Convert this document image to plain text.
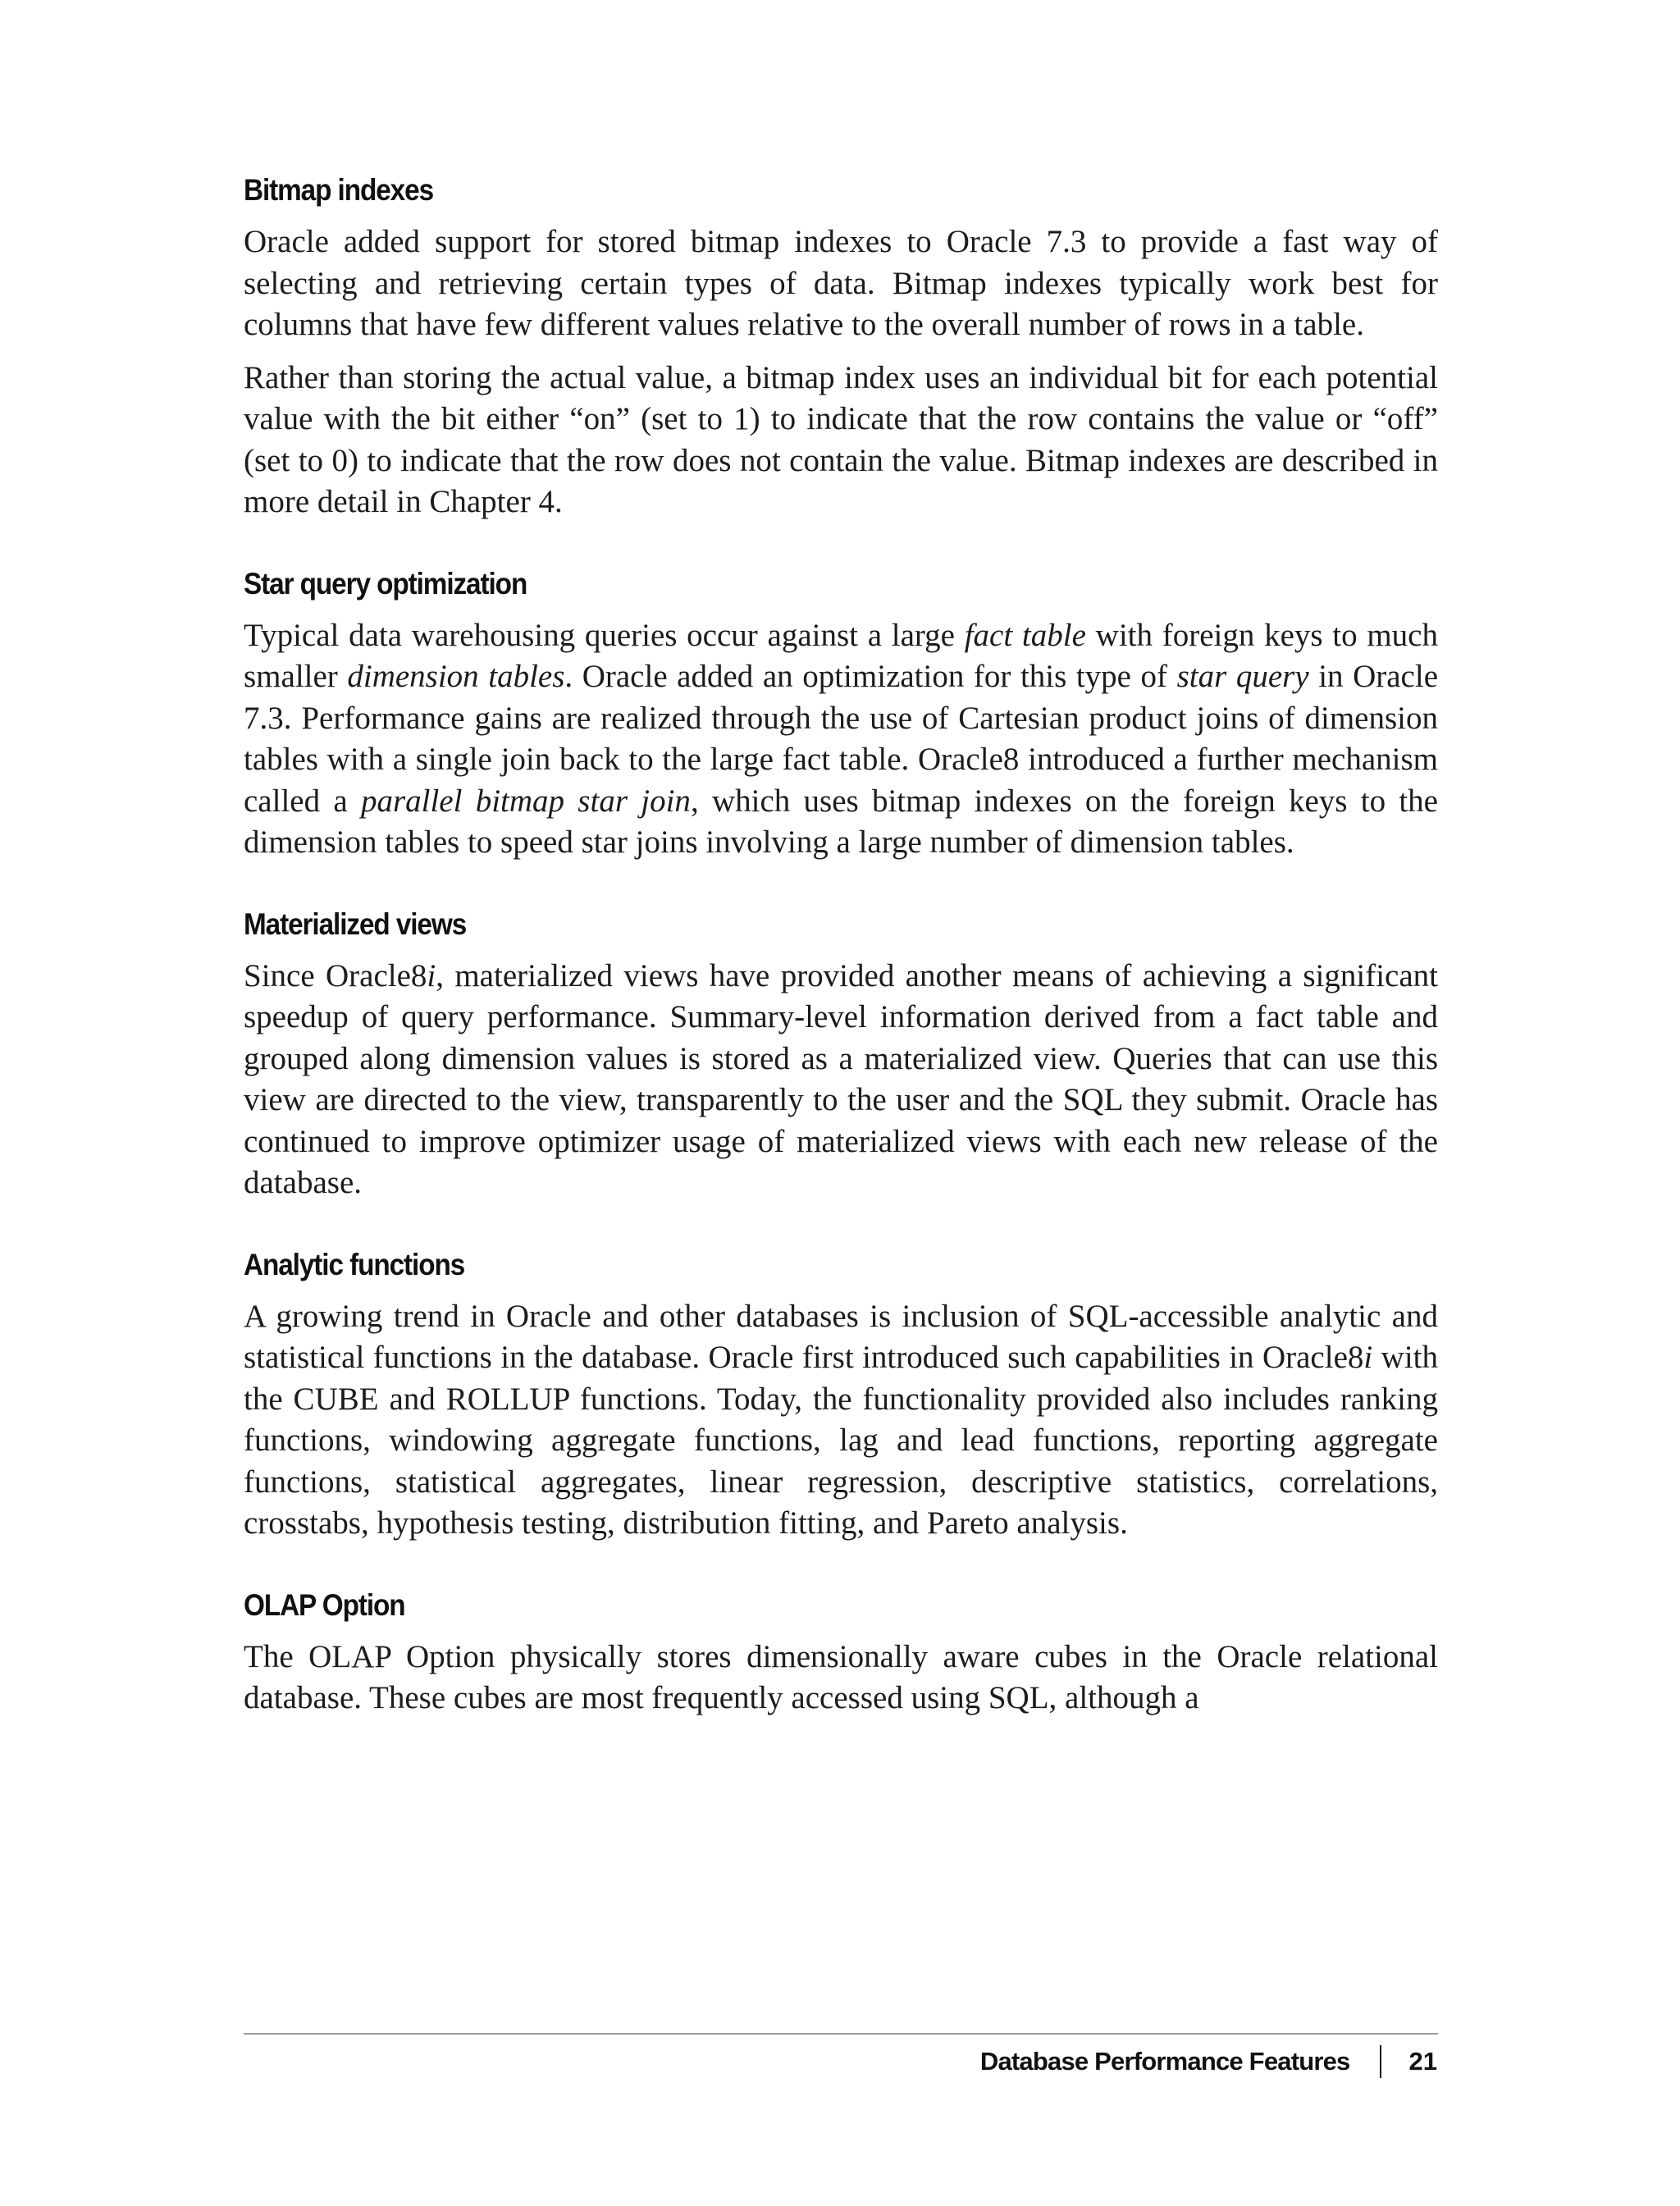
Bitmap indexes

Oracle added support for stored bitmap indexes to Oracle 7.3 to provide a fast way of selecting and retrieving certain types of data. Bitmap indexes typically work best for columns that have few different values relative to the overall number of rows in a table.

Rather than storing the actual value, a bitmap index uses an individual bit for each potential value with the bit either “on” (set to 1) to indicate that the row contains the value or “off” (set to 0) to indicate that the row does not contain the value. Bitmap indexes are described in more detail in Chapter 4.

Star query optimization

Typical data warehousing queries occur against a large fact table with foreign keys to much smaller dimension tables. Oracle added an optimization for this type of star query in Oracle 7.3. Performance gains are realized through the use of Cartesian product joins of dimension tables with a single join back to the large fact table. Oracle8 introduced a further mechanism called a parallel bitmap star join, which uses bitmap indexes on the foreign keys to the dimension tables to speed star joins involving a large number of dimension tables.

Materialized views

Since Oracle8i, materialized views have provided another means of achieving a significant speedup of query performance. Summary-level information derived from a fact table and grouped along dimension values is stored as a materialized view. Queries that can use this view are directed to the view, transparently to the user and the SQL they submit. Oracle has continued to improve optimizer usage of materialized views with each new release of the database.

Analytic functions

A growing trend in Oracle and other databases is inclusion of SQL-accessible analytic and statistical functions in the database. Oracle first introduced such capabilities in Oracle8i with the CUBE and ROLLUP functions. Today, the functionality provided also includes ranking functions, windowing aggregate functions, lag and lead functions, reporting aggregate functions, statistical aggregates, linear regression, descriptive statistics, correlations, crosstabs, hypothesis testing, distribution fitting, and Pareto analysis.

OLAP Option

The OLAP Option physically stores dimensionally aware cubes in the Oracle relational database. These cubes are most frequently accessed using SQL, although a

Database Performance Features 21
